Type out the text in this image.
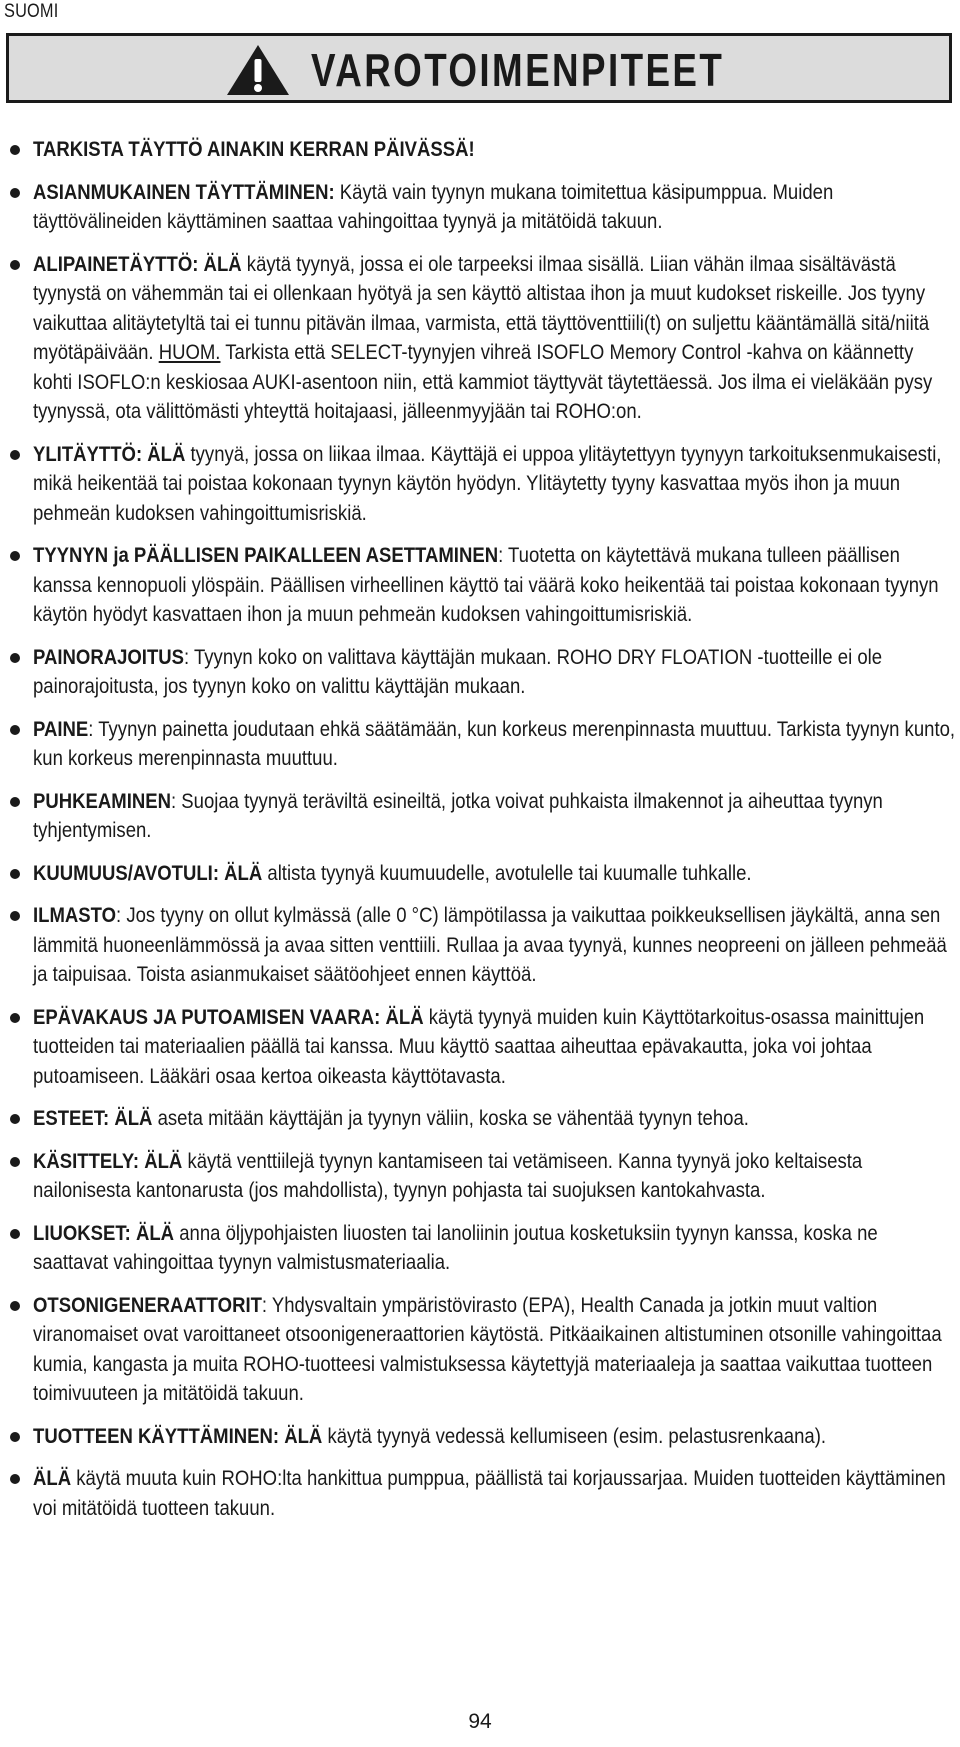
SUOMI
VAROTOIMENPITEET
TARKISTA TÄYTTÖ AINAKIN KERRAN PÄIVÄSSÄ!
ASIANMUKAINEN TÄYTTÄMINEN: Käytä vain tyynyn mukana toimitettua käsipumppua. Muiden täyttövälineiden käyttäminen saattaa vahingoittaa tyynyä ja mitätöidä takuun.
ALIPAINETÄYTTÖ: ÄLÄ käytä tyynyä, jossa ei ole tarpeeksi ilmaa sisällä. Liian vähän ilmaa sisältävästä tyynystä on vähemmän tai ei ollenkaan hyötyä ja sen käyttö altistaa ihon ja muut kudokset riskeille. Jos tyyny vaikuttaa alitäytetyltä tai ei tunnu pitävän ilmaa, varmista, että täyttöventtiili(t) on suljettu kääntämällä sitä/niitä myötäpäivään. HUOM. Tarkista että SELECT-tyynyjen vihreä ISOFLO Memory Control -kahva on käännetty kohti ISOFLO:n keskiosaa AUKI-asentoon niin, että kammiot täyttyvät täytettäessä. Jos ilma ei vieläkään pysy tyynyssä, ota välittömästi yhteyttä hoitajaasi, jälleenmyyjään tai ROHO:on.
YLITÄYTTÖ: ÄLÄ tyynyä, jossa on liikaa ilmaa. Käyttäjä ei uppoa ylitäytettyyn tyynyyn tarkoituksenmukaisesti, mikä heikentää tai poistaa kokonaan tyynyn käytön hyödyn. Ylitäytetty tyyny kasvattaa myös ihon ja muun pehmeän kudoksen vahingoittumisriskiä.
TYYNYN ja PÄÄLLISEN PAIKALLEEN ASETTAMINEN: Tuotetta on käytettävä mukana tulleen päällisen kanssa kennopuoli ylöspäin. Päällisen virheellinen käyttö tai väärä koko heikentää tai poistaa kokonaan tyynyn käytön hyödyt kasvattaen ihon ja muun pehmeän kudoksen vahingoittumisriskiä.
PAINORAJOITUS: Tyynyn koko on valittava käyttäjän mukaan. ROHO DRY FLOATION -tuotteille ei ole painorajoitusta, jos tyynyn koko on valittu käyttäjän mukaan.
PAINE: Tyynyn painetta joudutaan ehkä säätämään, kun korkeus merenpinnasta muuttuu. Tarkista tyynyn kunto, kun korkeus merenpinnasta muuttuu.
PUHKEAMINEN: Suojaa tyynyä teräviltä esineiltä, jotka voivat puhkaista ilmakennot ja aiheuttaa tyynyn tyhjentymisen.
KUUMUUS/AVOTULI: ÄLÄ altista tyynyä kuumuudelle, avotulelle tai kuumalle tuhkalle.
ILMASTO: Jos tyyny on ollut kylmässä (alle 0 °C) lämpötilassa ja vaikuttaa poikkeuksellisen jäykältä, anna sen lämmitä huoneenlämmössä ja avaa sitten venttiili. Rullaa ja avaa tyynyä, kunnes neopreeni on jälleen pehmeää ja taipuisaa. Toista asianmukaiset säätöohjeet ennen käyttöä.
EPÄVAKAUS JA PUTOAMISEN VAARA: ÄLÄ käytä tyynyä muiden kuin Käyttötarkoitus-osassa mainittujen tuotteiden tai materiaalien päällä tai kanssa. Muu käyttö saattaa aiheuttaa epävakautta, joka voi johtaa putoamiseen. Lääkäri osaa kertoa oikeasta käyttötavasta.
ESTEET: ÄLÄ aseta mitään käyttäjän ja tyynyn väliin, koska se vähentää tyynyn tehoa.
KÄSITTELY: ÄLÄ käytä venttiilejä tyynyn kantamiseen tai vetämiseen. Kanna tyynyä joko keltaisesta nailonisesta kantonarusta (jos mahdollista), tyynyn pohjasta tai suojuksen kantokahvasta.
LIUOKSET: ÄLÄ anna öljypohjaisten liuosten tai lanoliinin joutua kosketuksiin tyynyn kanssa, koska ne saattavat vahingoittaa tyynyn valmistusmateriaalia.
OTSONIGENERAATTORIT: Yhdysvaltain ympäristövirasto (EPA), Health Canada ja jotkin muut valtion viranomaiset ovat varoittaneet otsoonigeneraattorien käytöstä. Pitkäaikainen altistuminen otsonille vahingoittaa kumia, kangasta ja muita ROHO-tuotteesi valmistuksessa käytettyjä materiaaleja ja saattaa vaikuttaa tuotteen toimivuuteen ja mitätöidä takuun.
TUOTTEEN KÄYTTÄMINEN: ÄLÄ käytä tyynyä vedessä kellumiseen (esim. pelastusrenkaana).
ÄLÄ käytä muuta kuin ROHO:lta hankittua pumppua, päällistä tai korjaussarjaa. Muiden tuotteiden käyttäminen voi mitätöidä tuotteen takuun.
94
